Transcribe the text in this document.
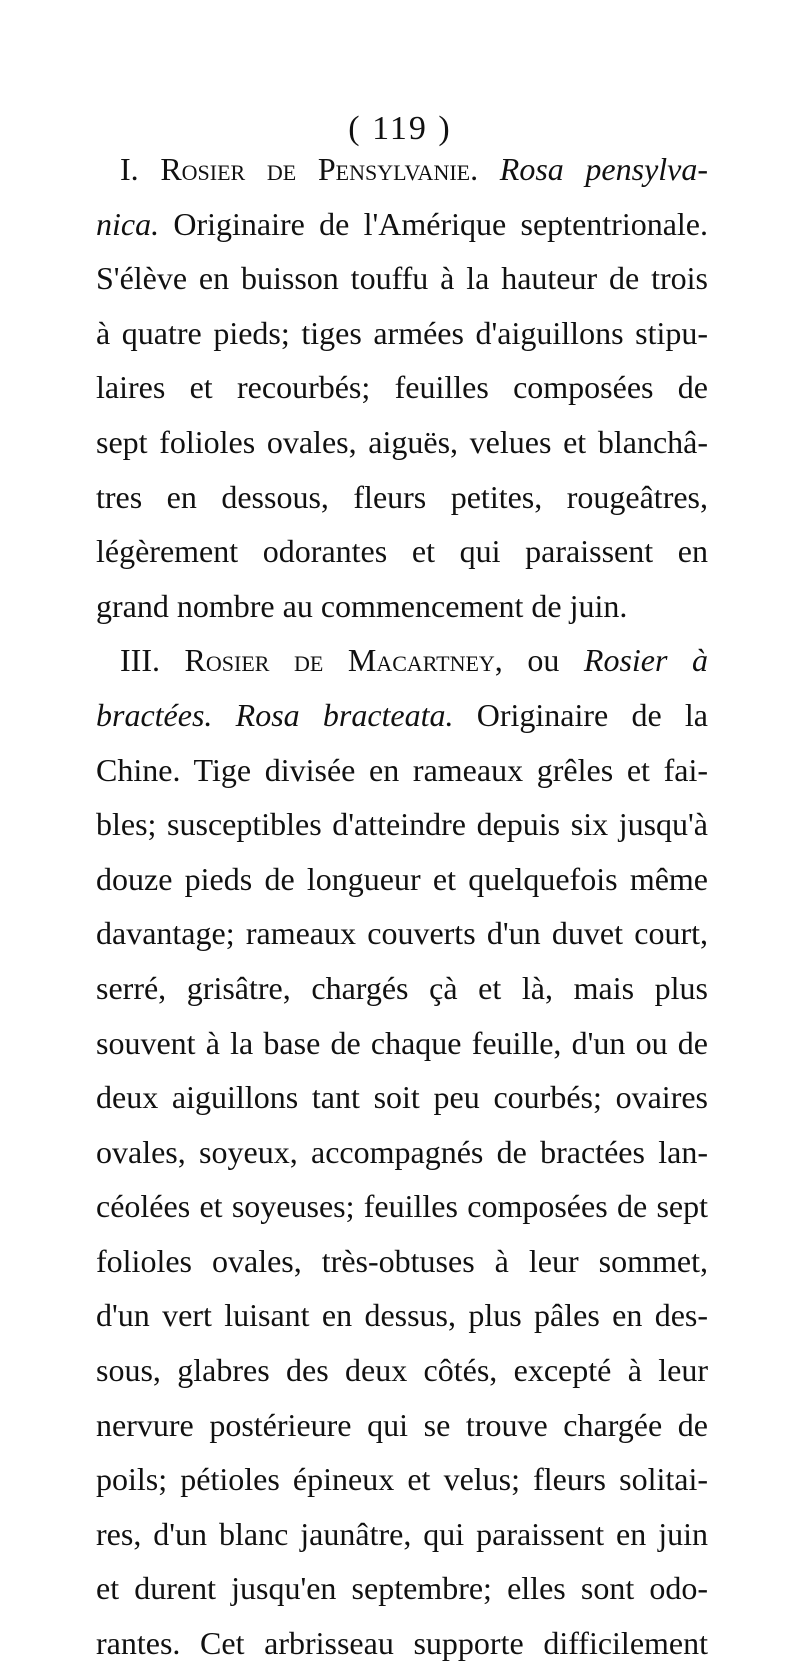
( 119 )
I. Rosier de Pensylvanie. Rosa pensylva-
nica. Originaire de l'Amérique septentrionale.
S'élève en buisson touffu à la hauteur de trois
à quatre pieds; tiges armées d'aiguillons stipu-
laires et recourbés; feuilles composées de
sept folioles ovales, aiguës, velues et blanchâ-
tres en dessous, fleurs petites, rougeâtres,
légèrement odorantes et qui paraissent en
grand nombre au commencement de juin.
III. Rosier de Macartney, ou Rosier à
bractées. Rosa bracteata. Originaire de la
Chine. Tige divisée en rameaux grêles et fai-
bles; susceptibles d'atteindre depuis six jusqu'à
douze pieds de longueur et quelquefois même
davantage; rameaux couverts d'un duvet court,
serré, grisâtre, chargés çà et là, mais plus
souvent à la base de chaque feuille, d'un ou de
deux aiguillons tant soit peu courbés; ovaires
ovales, soyeux, accompagnés de bractées lan-
céolées et soyeuses; feuilles composées de sept
folioles ovales, très-obtuses à leur sommet,
d'un vert luisant en dessus, plus pâles en des-
sous, glabres des deux côtés, excepté à leur
nervure postérieure qui se trouve chargée de
poils; pétioles épineux et velus; fleurs solitai-
res, d'un blanc jaunâtre, qui paraissent en juin
et durent jusqu'en septembre; elles sont odo-
rantes. Cet arbrisseau supporte difficilement
